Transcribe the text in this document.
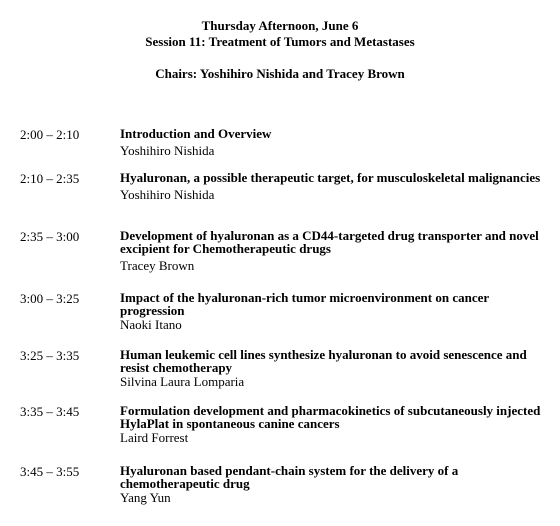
Thursday Afternoon, June 6
Session 11: Treatment of Tumors and Metastases
Chairs: Yoshihiro Nishida and Tracey Brown
2:00 – 2:10	Introduction and Overview
Yoshihiro Nishida
2:10 – 2:35	Hyaluronan, a possible therapeutic target, for musculoskeletal malignancies
Yoshihiro Nishida
2:35 – 3:00	Development of hyaluronan as a CD44-targeted drug transporter and novel excipient for Chemotherapeutic drugs
Tracey Brown
3:00 – 3:25	Impact of the hyaluronan-rich tumor microenvironment on cancer progression
Naoki Itano
3:25 – 3:35	Human leukemic cell lines synthesize hyaluronan to avoid senescence and resist chemotherapy
Silvina Laura Lomparia
3:35 – 3:45	Formulation development and pharmacokinetics of subcutaneously injected HylaPlat in spontaneous canine cancers
Laird Forrest
3:45 – 3:55	Hyaluronan based pendant-chain system for the delivery of a chemotherapeutic drug
Yang Yun
